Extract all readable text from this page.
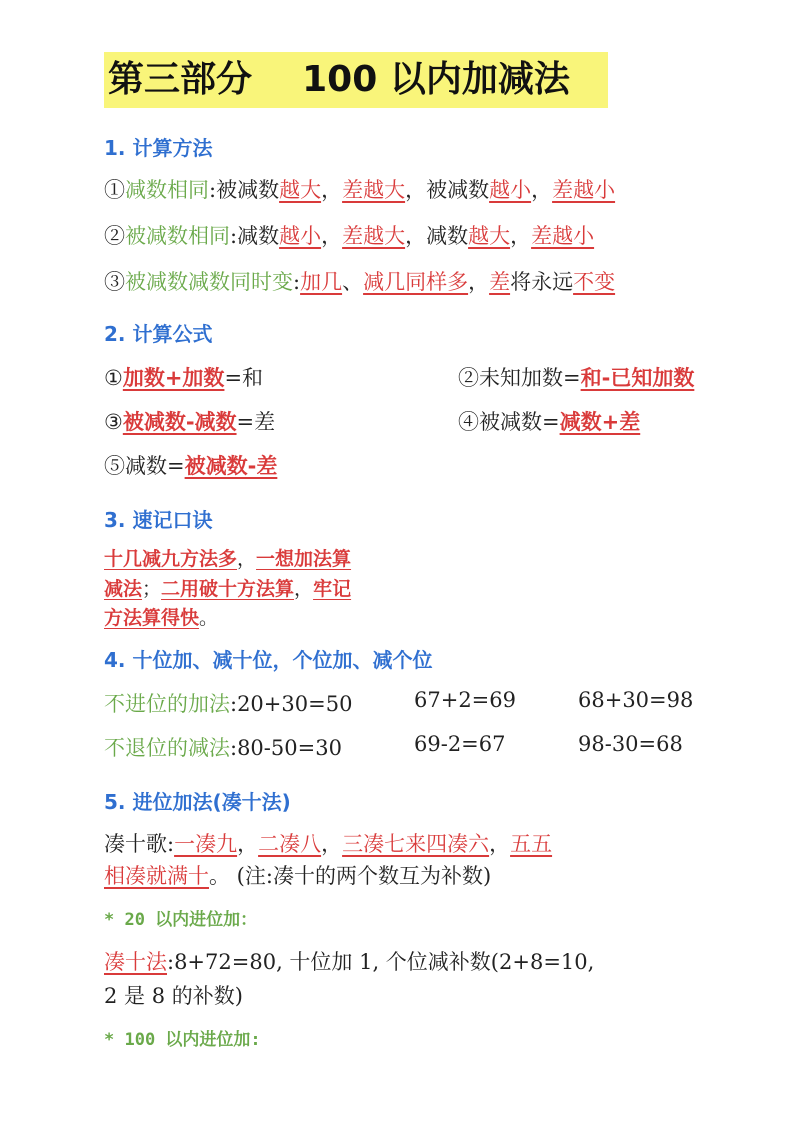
第三部分    100 以内加减法
1. 计算方法
①减数相同:被减数越大，差越大，被减数越小，差越小
②被减数相同:减数越小，差越大，减数越大，差越小
③被减数减数同时变:加几、减几同样多，差将永远不变
2. 计算公式
①加数+加数=和	②未知加数=和-已知加数
③被减数-减数=差	④被减数=减数+差
⑤减数=被减数-差
3. 速记口诀
十几减九方法多，一想加法算
减法；二用破十方法算，牢记
方法算得快。
4. 十位加、减十位，个位加、减个位
不进位的加法:20+30=50	67+2=69	68+30=98
不退位的减法:80-50=30	69-2=67	98-30=68
5. 进位加法(凑十法)
凑十歌:一凑九，二凑八，三凑七来四凑六，五五
相凑就满十。 (注:凑十的两个数互为补数)
* 20 以内进位加：
凑十法:8+72=80, 十位加 1, 个位减补数(2+8=10,
2 是 8 的补数)
* 100 以内进位加:
